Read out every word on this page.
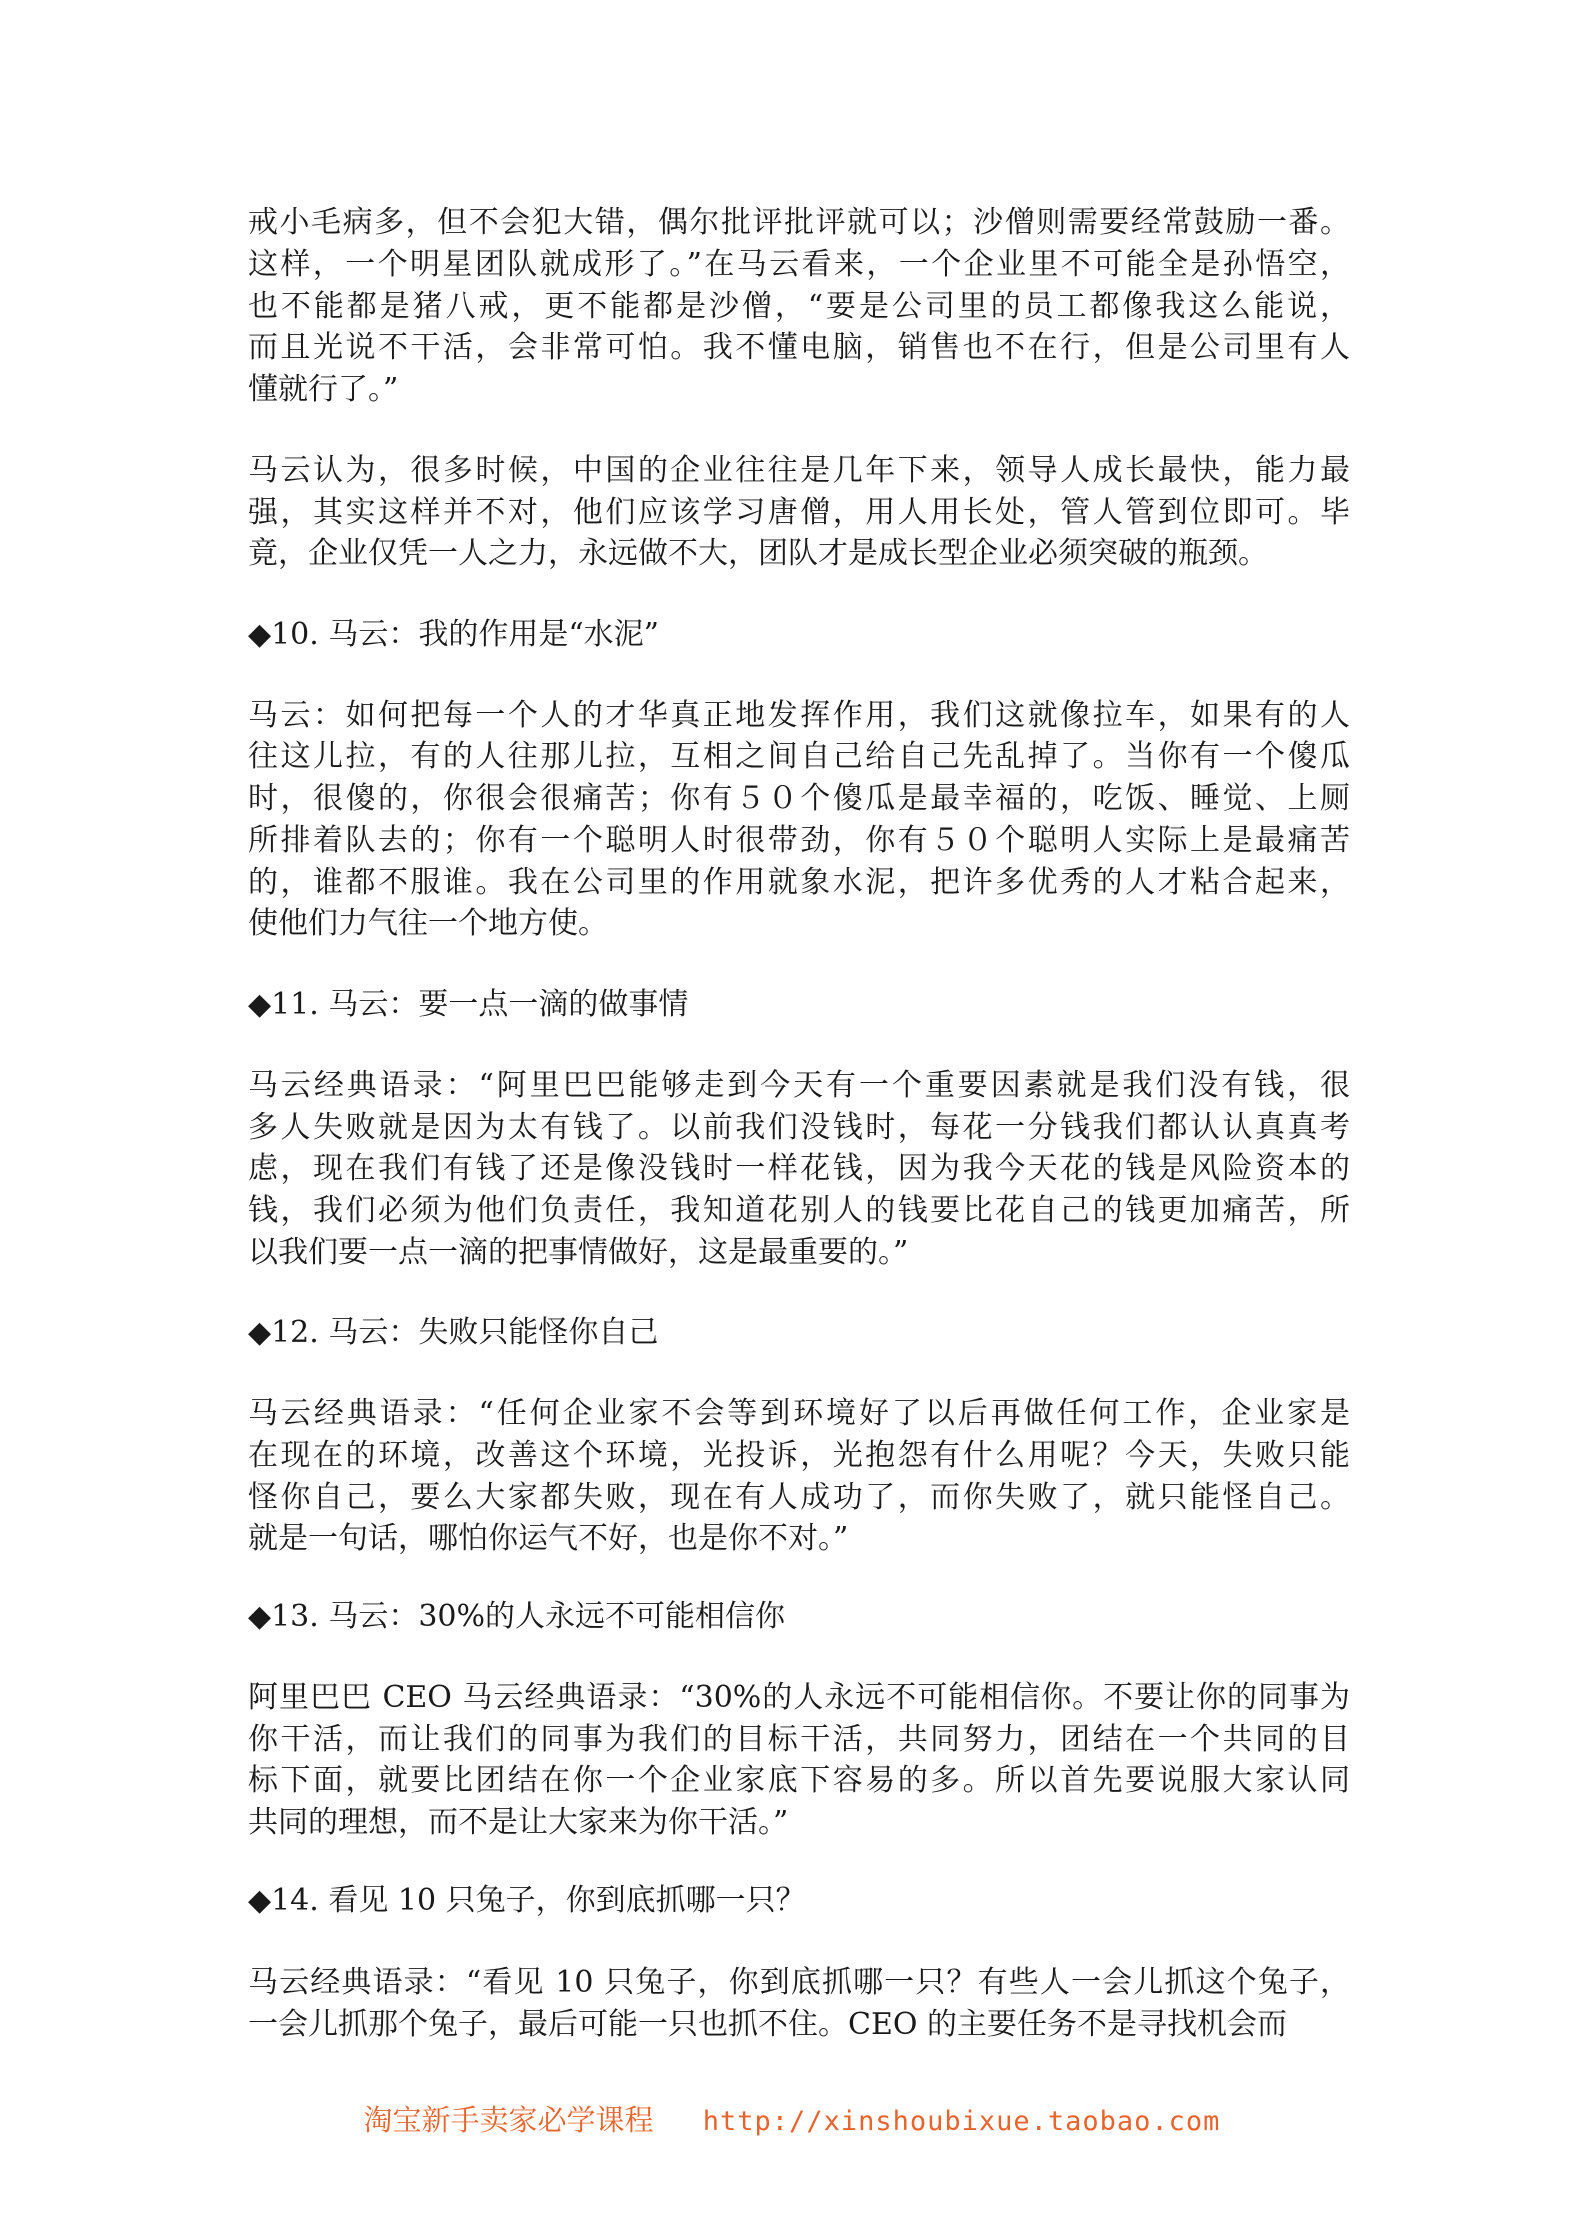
戒小毛病多，但不会犯大错，偶尔批评批评就可以；沙僧则需要经常鼓励一番。
这样，一个明星团队就成形了。”在马云看来，一个企业里不可能全是孙悟空，
也不能都是猪八戒，更不能都是沙僧，“要是公司里的员工都像我这么能说，
而且光说不干活，会非常可怕。我不懂电脑，销售也不在行，但是公司里有人
懂就行了。”
马云认为，很多时候，中国的企业往往是几年下来，领导人成长最快，能力最
强，其实这样并不对，他们应该学习唐僧，用人用长处，管人管到位即可。毕
竟，企业仅凭一人之力，永远做不大，团队才是成长型企业必须突破的瓶颈。
◆10. 马云：我的作用是“水泥”
马云：如何把每一个人的才华真正地发挥作用，我们这就像拉车，如果有的人
往这儿拉，有的人往那儿拉，互相之间自己给自己先乱掉了。当你有一个傻瓜
时，很傻的，你很会很痛苦；你有５０个傻瓜是最幸福的，吃饭、睡觉、上厕
所排着队去的；你有一个聪明人时很带劲，你有５０个聪明人实际上是最痛苦
的，谁都不服谁。我在公司里的作用就象水泥，把许多优秀的人才粘合起来，
使他们力气往一个地方使。
◆11. 马云：要一点一滴的做事情
马云经典语录：“阿里巴巴能够走到今天有一个重要因素就是我们没有钱，很
多人失败就是因为太有钱了。以前我们没钱时，每花一分钱我们都认认真真考
虑，现在我们有钱了还是像没钱时一样花钱，因为我今天花的钱是风险资本的
钱，我们必须为他们负责任，我知道花别人的钱要比花自己的钱更加痛苦，所
以我们要一点一滴的把事情做好，这是最重要的。”
◆12. 马云：失败只能怪你自己
马云经典语录：“任何企业家不会等到环境好了以后再做任何工作，企业家是
在现在的环境，改善这个环境，光投诉，光抱怨有什么用呢？今天，失败只能
怪你自己，要么大家都失败，现在有人成功了，而你失败了，就只能怪自己。
就是一句话，哪怕你运气不好，也是你不对。”
◆13. 马云：30%的人永远不可能相信你
阿里巴巴 CEO 马云经典语录：“30%的人永远不可能相信你。不要让你的同事为
你干活，而让我们的同事为我们的目标干活，共同努力，团结在一个共同的目
标下面，就要比团结在你一个企业家底下容易的多。所以首先要说服大家认同
共同的理想，而不是让大家来为你干活。”
◆14. 看见 10 只兔子，你到底抓哪一只？
马云经典语录：“看见 10 只兔子，你到底抓哪一只？有些人一会儿抓这个兔子，
一会儿抓那个兔子，最后可能一只也抓不住。CEO 的主要任务不是寻找机会而
淘宝新手卖家必学课程 http://xinshoubixue.taobao.com
